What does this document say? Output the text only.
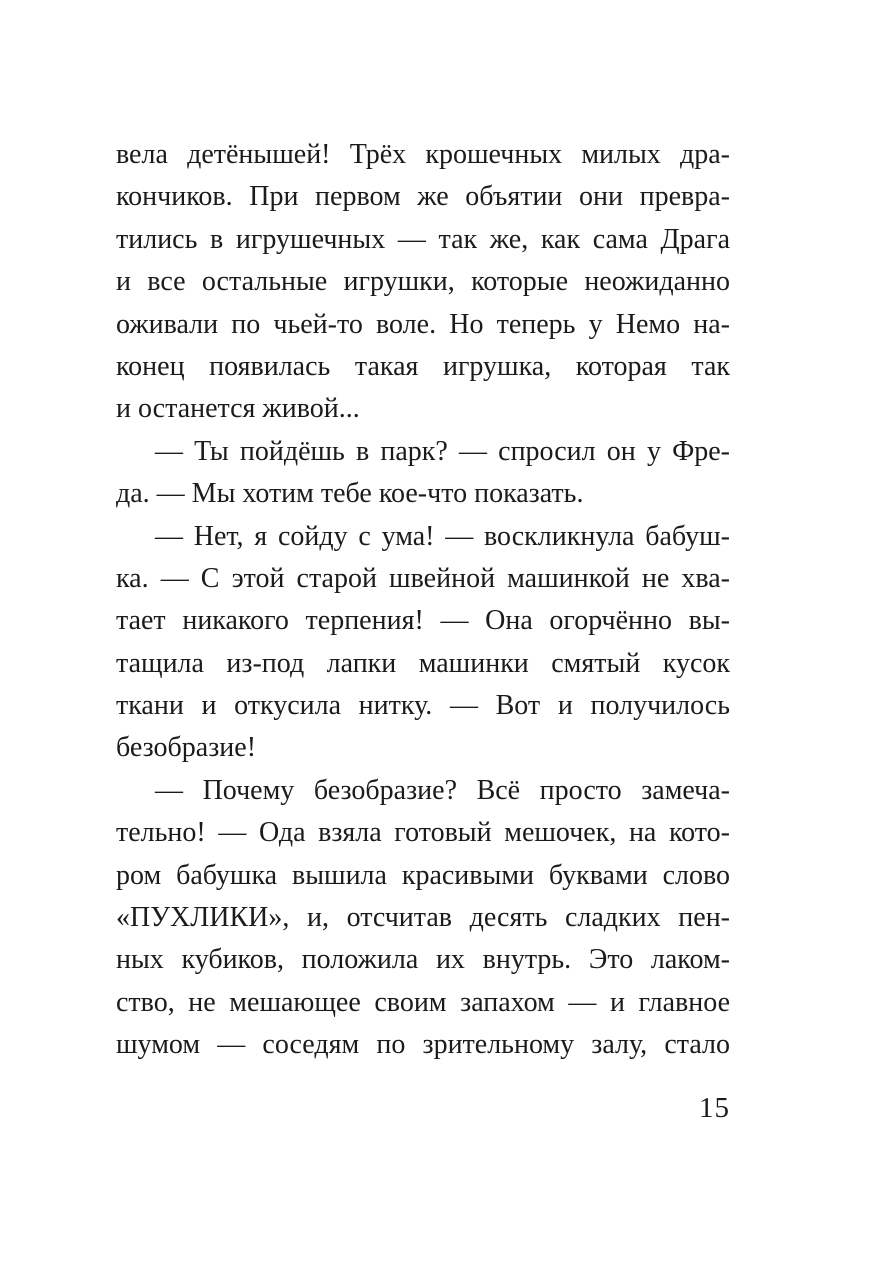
вела детёнышей! Трёх крошечных милых дра-
кончиков. При первом же объятии они превра-
тились в игрушечных — так же, как сама Драга
и все остальные игрушки, которые неожиданно
оживали по чьей-то воле. Но теперь у Немо на-
конец появилась такая игрушка, которая так
и останется живой...
— Ты пойдёшь в парк? — спросил он у Фре-
да. — Мы хотим тебе кое-что показать.
— Нет, я сойду с ума! — воскликнула бабуш-
ка. — С этой старой швейной машинкой не хва-
тает никакого терпения! — Она огорчённо вы-
тащила из-под лапки машинки смятый кусок
ткани и откусила нитку. — Вот и получилось
безобразие!
— Почему безобразие? Всё просто замеча-
тельно! — Ода взяла готовый мешочек, на кото-
ром бабушка вышила красивыми буквами слово
«ПУХЛИКИ», и, отсчитав десять сладких пен-
ных кубиков, положила их внутрь. Это лаком-
ство, не мешающее своим запахом — и главное
шумом — соседям по зрительному залу, стало
15
